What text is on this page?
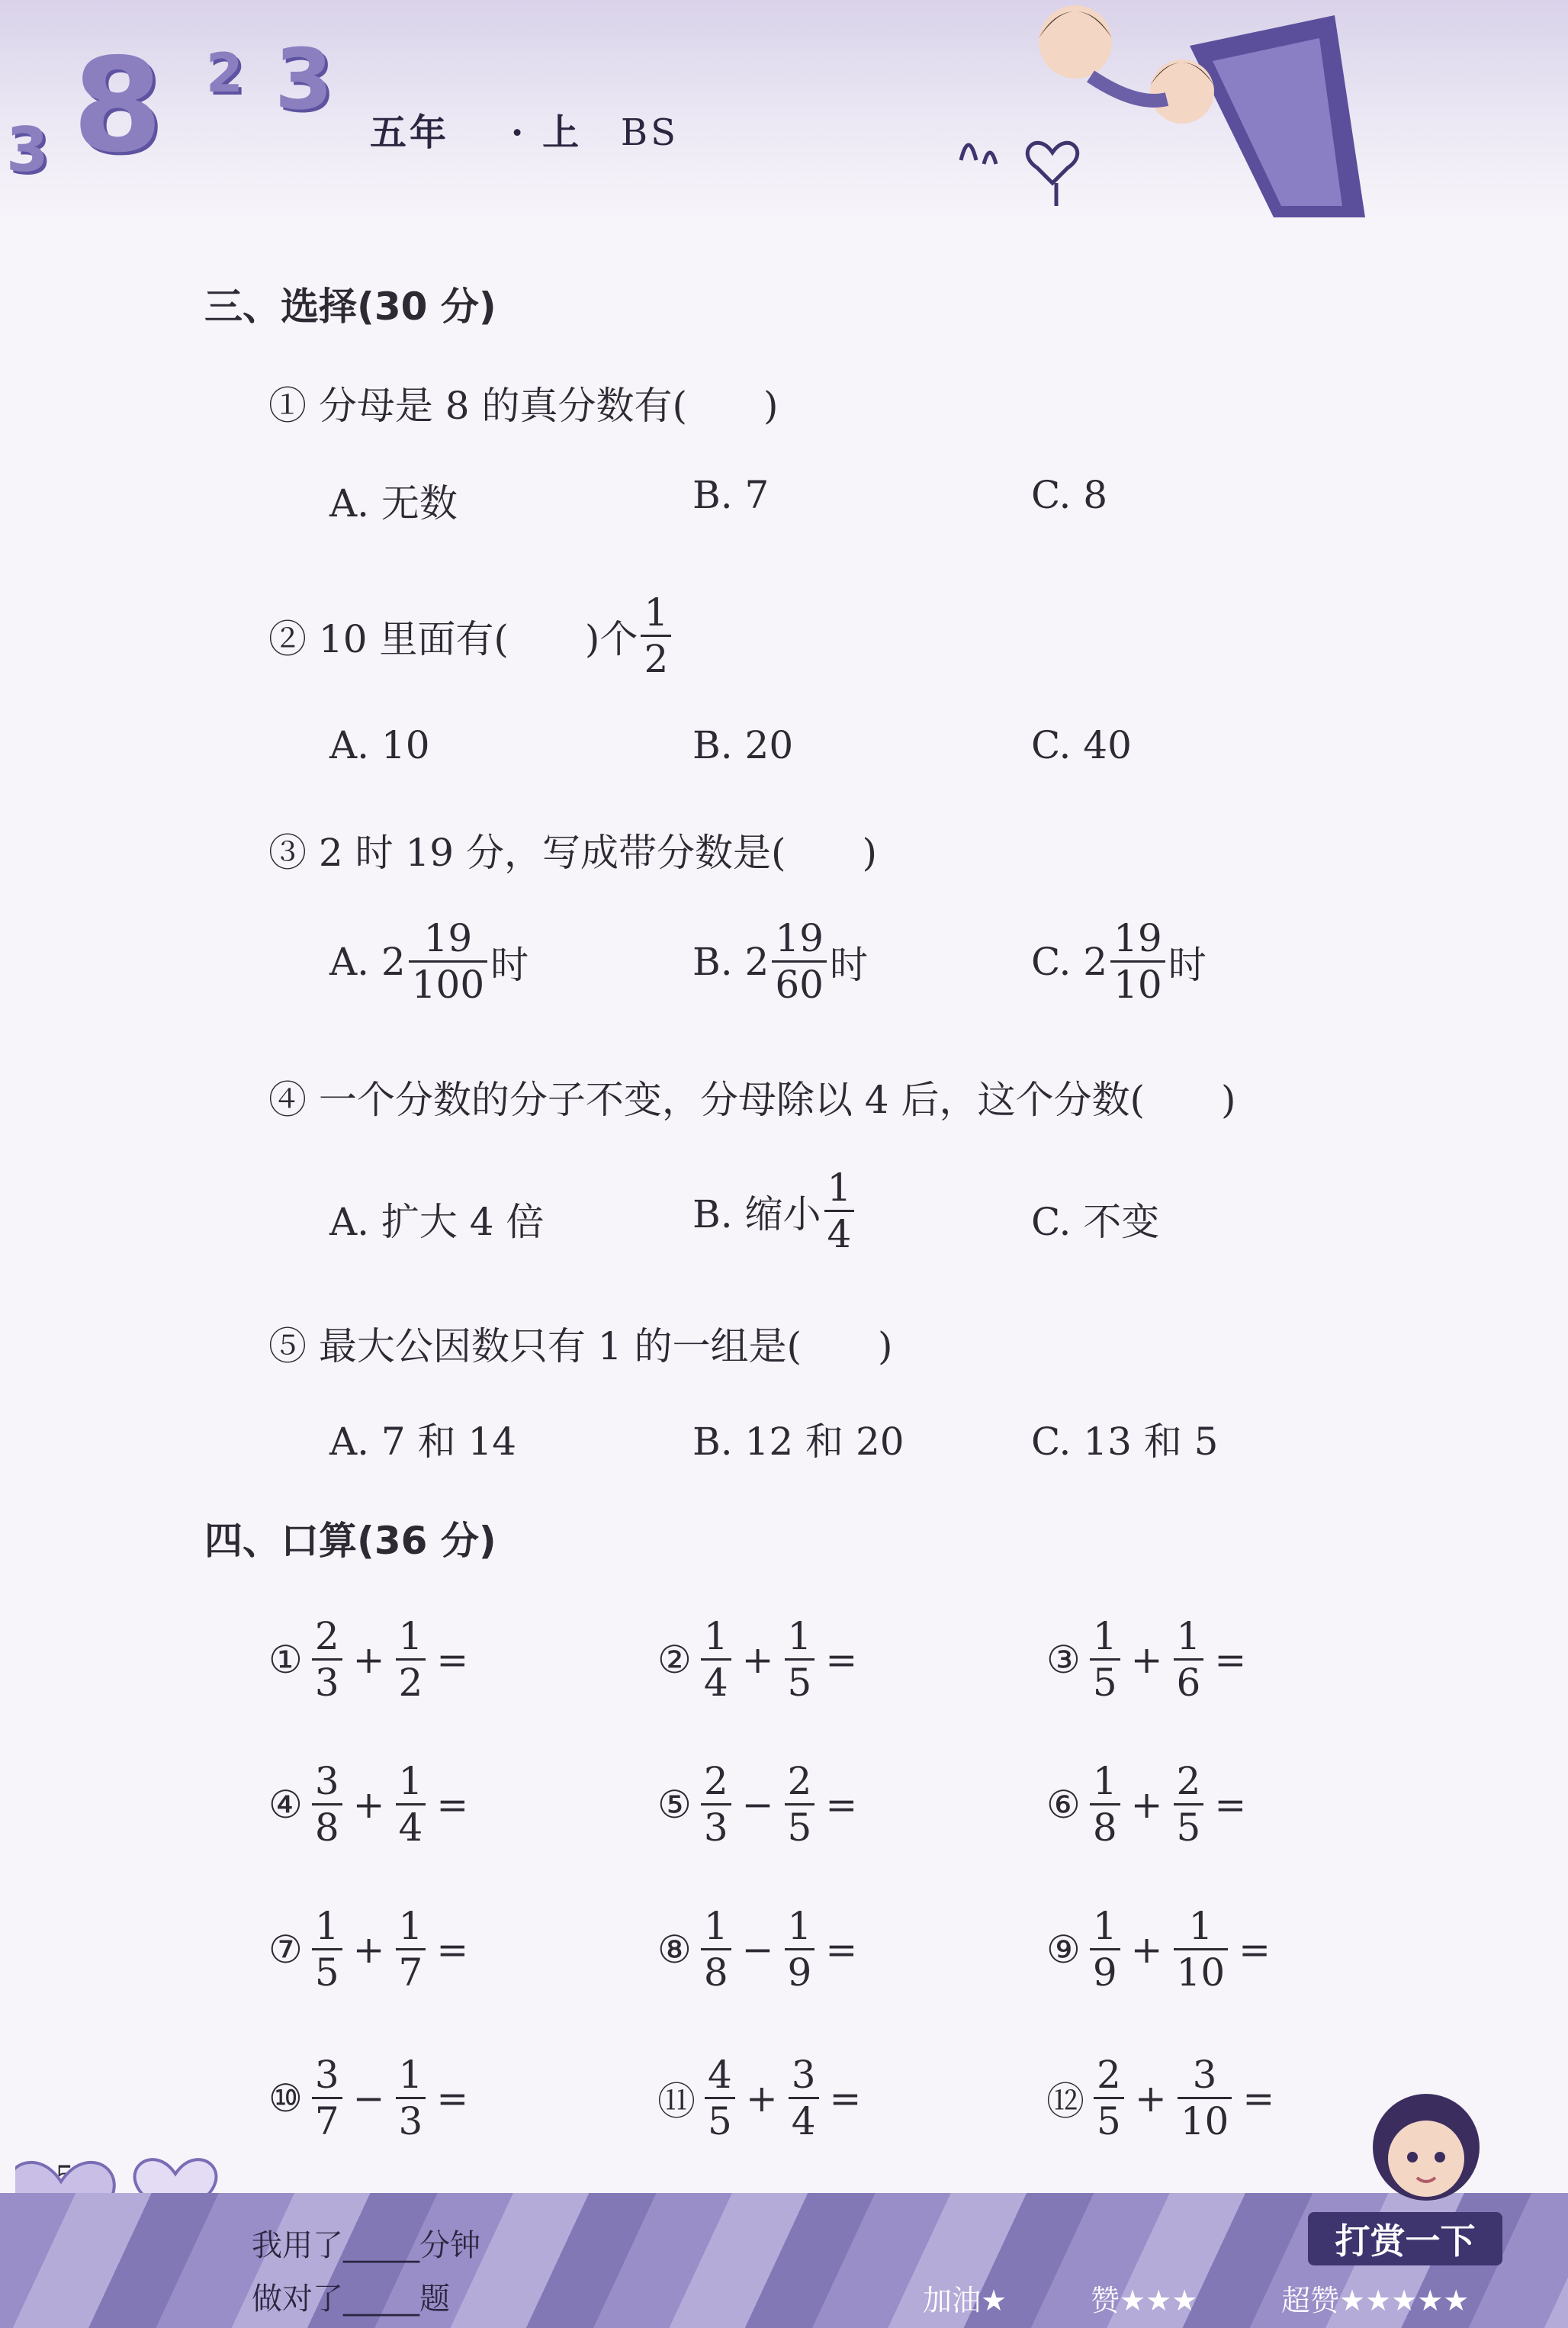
3 8 2 3
五年 · 上 BS
三、选择(30 分)
① 分母是 8 的真分数有(　　)
A. 无数	B. 7	C. 8
② 10 里面有(　　)个 $\frac{1}{2}$
A. 10	B. 20	C. 40
③ 2 时 19 分，写成带分数是(　　)
A. $2 \frac{19}{100}$ 时	B. $2 \frac{19}{60}$ 时	C. $2 \frac{19}{10}$ 时
④ 一个分数的分子不变，分母除以 4 后，这个分数(　　)
A. 扩大 4 倍	B. 缩小 $\frac{1}{4}$	C. 不变
⑤ 最大公因数只有 1 的一组是(　　)
A. 7 和 14	B. 12 和 20	C. 13 和 5
四、口算(36 分)
① $\frac{2}{3} + \frac{1}{2}$ =	② $\frac{1}{4} + \frac{1}{5}$ =	③ $\frac{1}{5} + \frac{1}{6}$ =
④ $\frac{3}{8} + \frac{1}{4}$ =	⑤ $\frac{2}{3} - \frac{2}{5}$ =	⑥ $\frac{1}{8} + \frac{2}{5}$ =
⑦ $\frac{1}{5} + \frac{1}{7}$ =	⑧ $\frac{1}{8} - \frac{1}{9}$ =	⑨ $\frac{1}{9} + \frac{1}{10}$ =
⑩ $\frac{3}{7} - \frac{1}{3}$ =	⑪ $\frac{4}{5} + \frac{3}{4}$ =	⑫ $\frac{2}{5} + \frac{3}{10}$ =
我用了_____分钟
做对了_____题
打赏一下
加油★	赞★★★	超赞★★★★★
